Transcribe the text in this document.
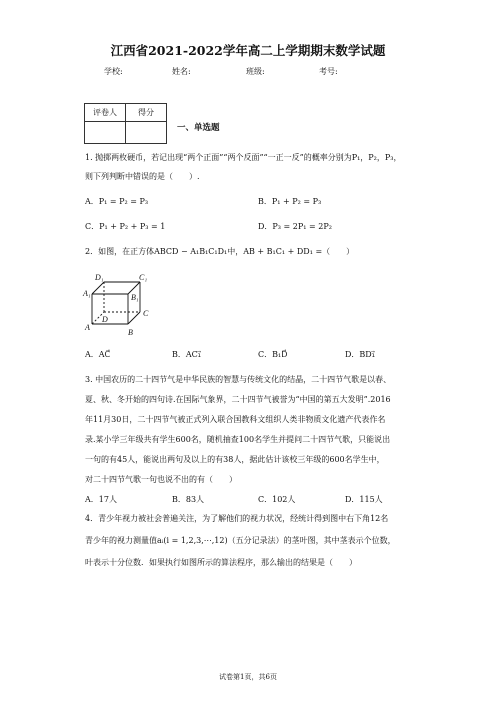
江西省2021-2022学年高二上学期期末数学试题
学校:	姓名:	班级:	考号:
评卷人	得分

一、单选题
1. 抛掷两枚硬币，若记出现“两个正面”“两个反面”“一正一反”的概率分别为P₁，P₂，P₃，
则下列判断中错误的是（　　）.
A．P₁ = P₂ = P₃	B．P₁ + P₂ = P₃
C．P₁ + P₂ + P₃ = 1	D．P₃ = 2P₁ = 2P₂
2．如图，在正方体ABCD − A₁B₁C₁D₁中，AB + B₁C₁ + DD₁ =（　　）
D₁	C₁
A₁	B₁
C
D
A
B
A．AC⃗	B．AC₁⃗	C．B₁D⃗	D．BD₁⃗
3. 中国农历的二十四节气是中华民族的智慧与传统文化的结晶，二十四节气歌是以春、
夏、秋、冬开始的四句诗.在国际气象界，二十四节气被誉为“中国的第五大发明”.2016
年11月30日，二十四节气被正式列入联合国教科文组织人类非物质文化遗产代表作名
录.某小学三年级共有学生600名，随机抽查100名学生并提问二十四节气歌，只能说出
一句的有45人，能说出两句及以上的有38人，据此估计该校三年级的600名学生中，
对二十四节气歌一句也说不出的有（　　）
A．17人	B．83人	C．102人	D．115人
4．青少年视力被社会普遍关注，为了解他们的视力状况，经统计得到图中右下角12名
青少年的视力测量值aᵢ(i = 1,2,3,⋯,12)（五分记录法）的茎叶图，其中茎表示个位数，
叶表示十分位数．如果执行如图所示的算法程序，那么输出的结果是（　　）
试卷第1页，共6页
